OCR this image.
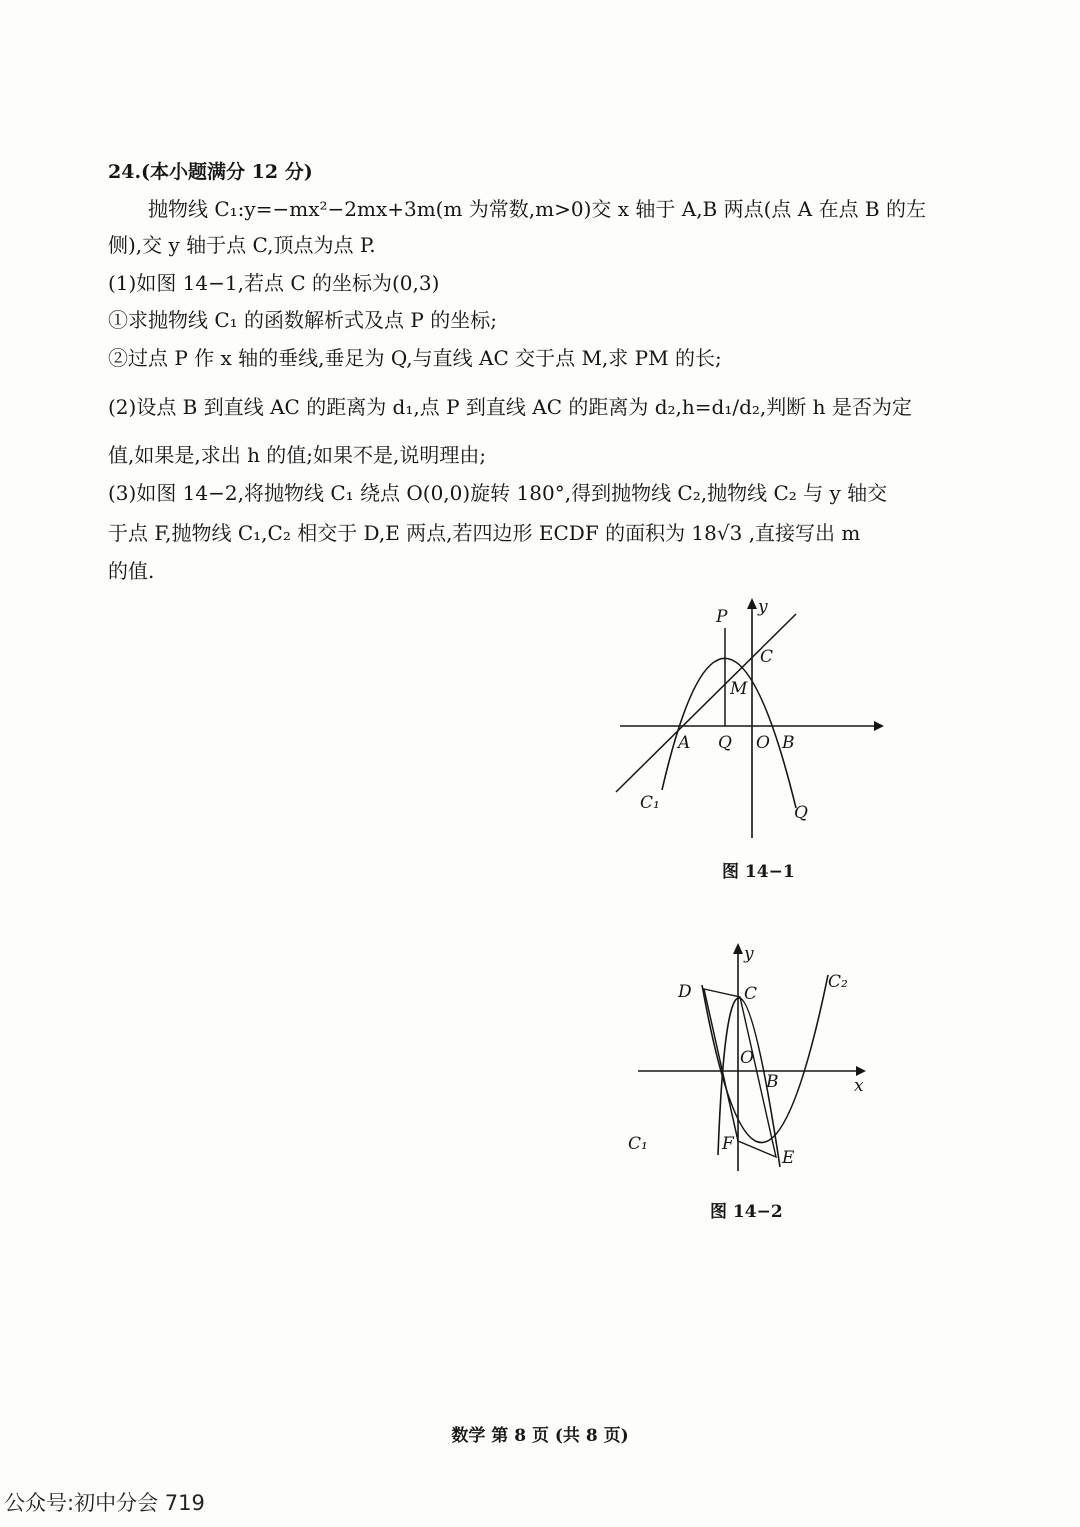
24.(本小题满分 12 分)
抛物线 C₁:y=−mx²−2mx+3m(m 为常数,m>0)交 x 轴于 A,B 两点(点 A 在点 B 的左
侧),交 y 轴于点 C,顶点为点 P.
(1)如图 14−1,若点 C 的坐标为(0,3)
①求抛物线 C₁ 的函数解析式及点 P 的坐标;
②过点 P 作 x 轴的垂线,垂足为 Q,与直线 AC 交于点 M,求 PM 的长;
(2)设点 B 到直线 AC 的距离为 d₁,点 P 到直线 AC 的距离为 d₂,h=d₁/d₂,判断 h 是否为定
值,如果是,求出 h 的值;如果不是,说明理由;
(3)如图 14−2,将抛物线 C₁ 绕点 O(0,0)旋转 180°,得到抛物线 C₂,抛物线 C₂ 与 y 轴交
于点 F,抛物线 C₁,C₂ 相交于 D,E 两点,若四边形 ECDF 的面积为 18√3 ,直接写出 m
的值.
P y
C
M
A Q O B
Q
C₁
图 14−1
y
D	C
C₂
O
B	x
C₁	F
E
图 14−2
数学 第 8 页 (共 8 页)
公众号:初中分会 719
